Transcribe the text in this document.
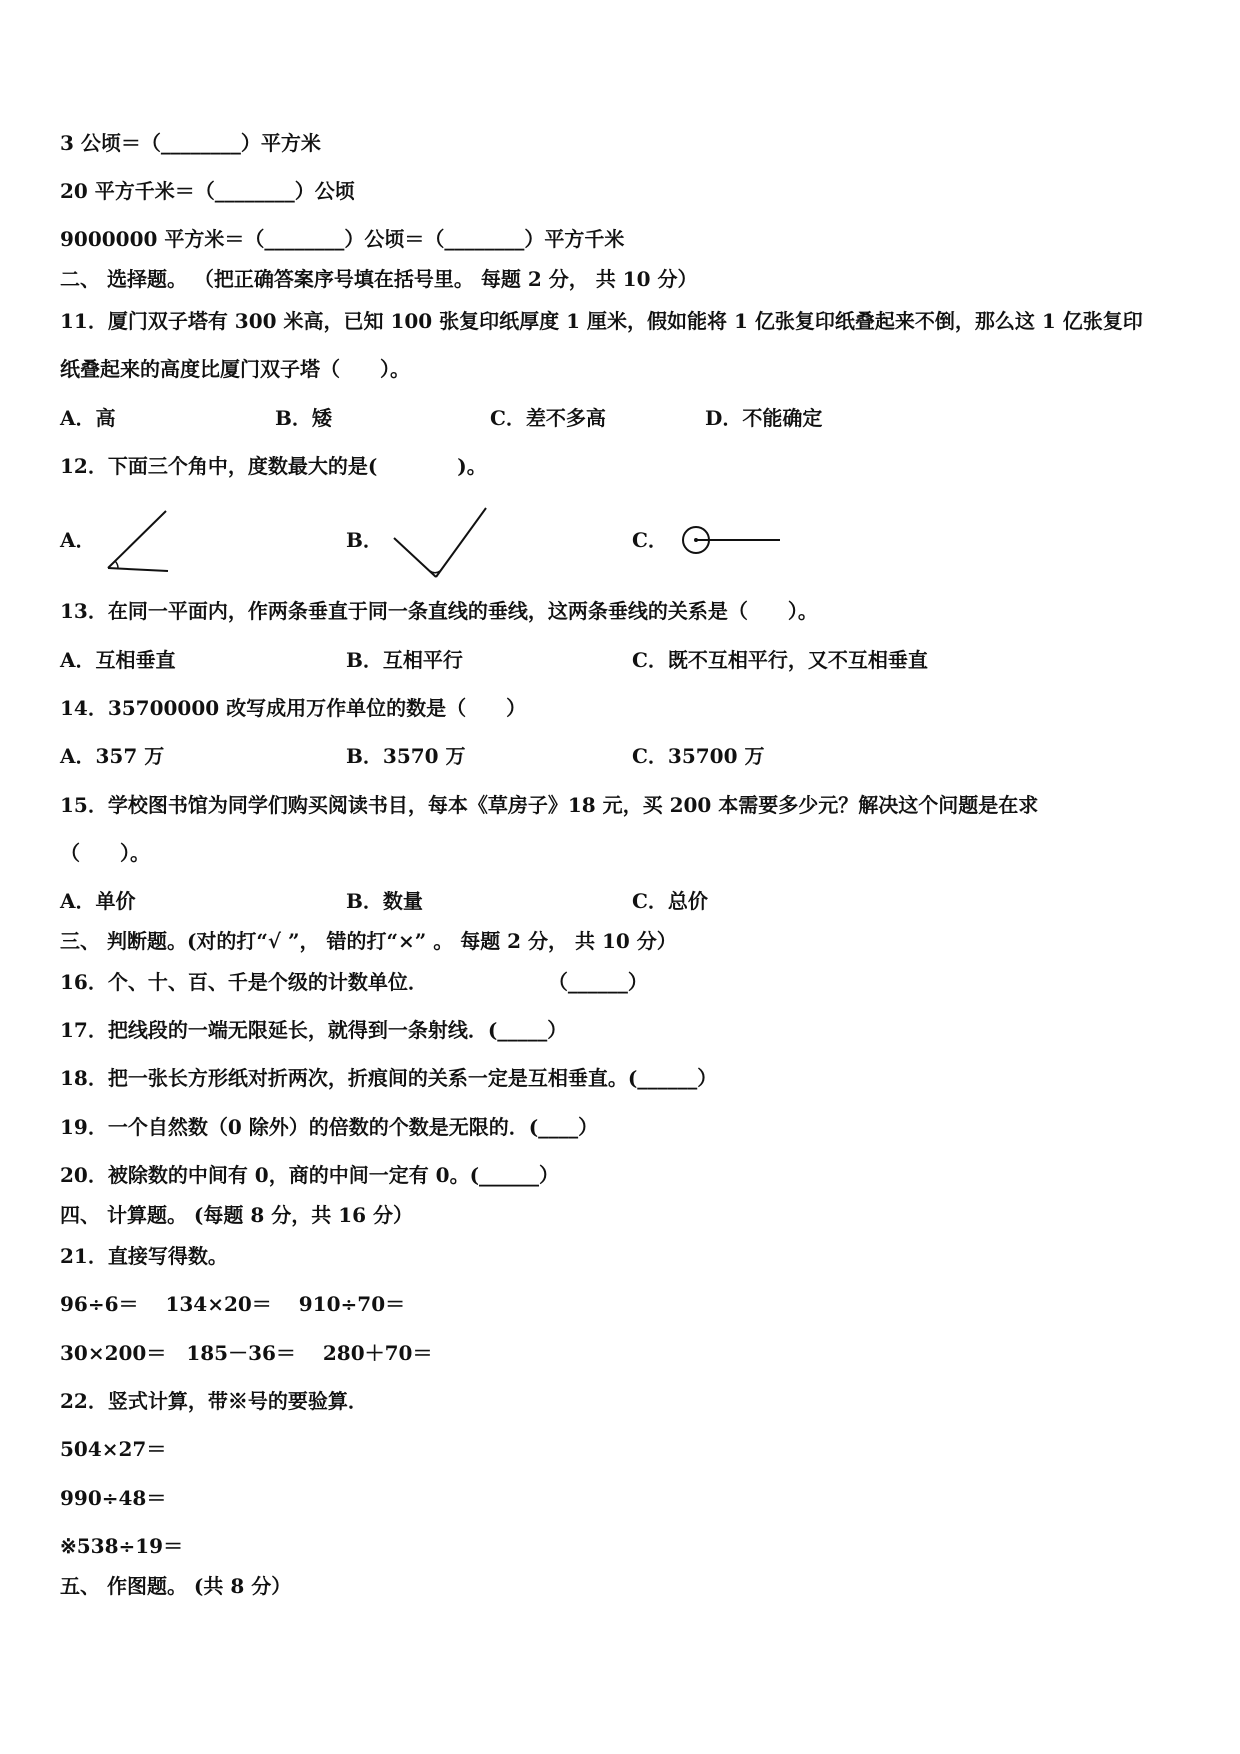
3 公顷＝（________）平方米
20 平方千米＝（________）公顷
9000000 平方米＝（________）公顷＝（________）平方千米
二、 选择题。 （把正确答案序号填在括号里。 每题 2 分， 共 10 分）
11．厦门双子塔有 300 米高，已知 100 张复印纸厚度 1 厘米，假如能将 1 亿张复印纸叠起来不倒，那么这 1 亿张复印
纸叠起来的高度比厦门双子塔（　　）。
A．高	B．矮	C．差不多高	D．不能确定
12．下面三个角中，度数最大的是(　　　　)。
A．	B．	C．
13．在同一平面内，作两条垂直于同一条直线的垂线，这两条垂线的关系是（　　）。
A．互相垂直	B．互相平行	C．既不互相平行，又不互相垂直
14．35700000 改写成用万作单位的数是（　　）
A．357 万	B．3570 万	C．35700 万
15．学校图书馆为同学们购买阅读书目，每本《草房子》18 元，买 200 本需要多少元？解决这个问题是在求
（　　）。
A．单价	B．数量	C．总价
三、 判断题。(对的打“√ ”， 错的打“×” 。 每题 2 分， 共 10 分）
16．个、十、百、千是个级的计数单位．　　　　　　　（______）
17．把线段的一端无限延长，就得到一条射线．(_____）
18．把一张长方形纸对折两次，折痕间的关系一定是互相垂直。(______）
19．一个自然数（0 除外）的倍数的个数是无限的．(____）
20．被除数的中间有 0，商的中间一定有 0。(______）
四、 计算题。 (每题 8 分，共 16 分）
21．直接写得数。
96÷6＝　 134×20＝　 910÷70＝
30×200＝　185－36＝　 280＋70＝
22．竖式计算，带※号的要验算．
504×27＝
990÷48＝
※538÷19＝
五、 作图题。 (共 8 分）
